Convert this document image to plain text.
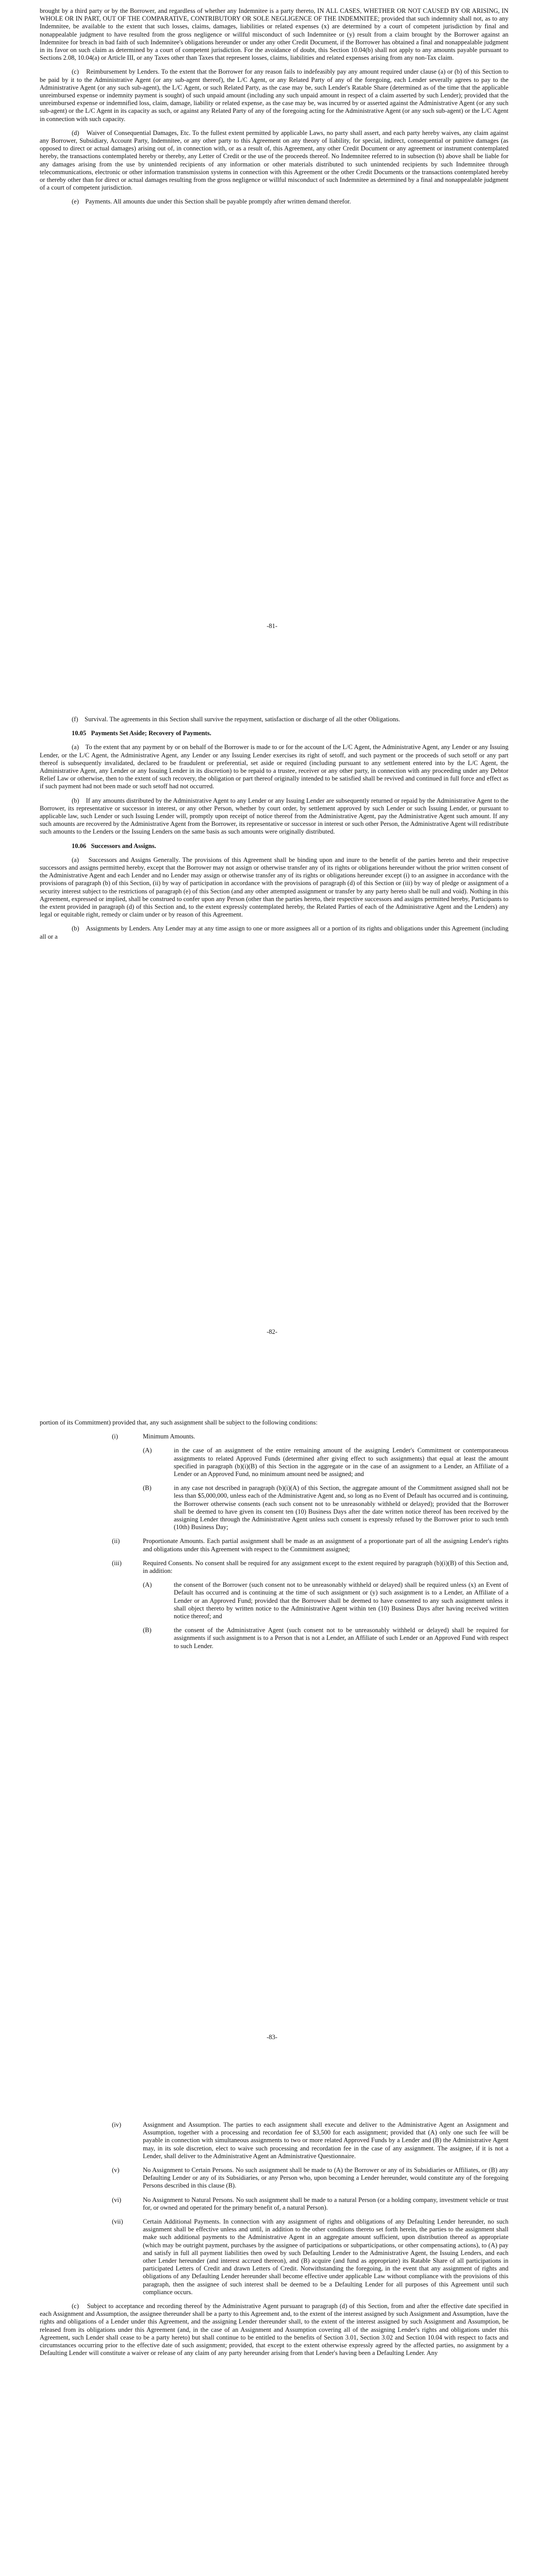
brought by a third party or by the Borrower, and regardless of whether any Indemnitee is a party thereto, IN ALL CASES, WHETHER OR NOT CAUSED BY OR ARISING, IN WHOLE OR IN PART, OUT OF THE COMPARATIVE, CONTRIBUTORY OR SOLE NEGLIGENCE OF THE INDEMNITEE; provided that such indemnity shall not, as to any Indemnitee, be available to the extent that such losses, claims, damages, liabilities or related expenses (x) are determined by a court of competent jurisdiction by final and nonappealable judgment to have resulted from the gross negligence or willful misconduct of such Indemnitee or (y) result from a claim brought by the Borrower against an Indemnitee for breach in bad faith of such Indemnitee's obligations hereunder or under any other Credit Document, if the Borrower has obtained a final and nonappealable judgment in its favor on such claim as determined by a court of competent jurisdiction. For the avoidance of doubt, this Section 10.04(b) shall not apply to any amounts payable pursuant to Sections 2.08, 10.04(a) or Article III, or any Taxes other than Taxes that represent losses, claims, liabilities and related expenses arising from any non-Tax claim.

(c)    Reimbursement by Lenders. To the extent that the Borrower for any reason fails to indefeasibly pay any amount required under clause (a) or (b) of this Section to be paid by it to the Administrative Agent (or any sub-agent thereof), the L/C Agent, or any Related Party of any of the foregoing, each Lender severally agrees to pay to the Administrative Agent (or any such sub-agent), the L/C Agent, or such Related Party, as the case may be, such Lender's Ratable Share (determined as of the time that the applicable unreimbursed expense or indemnity payment is sought) of such unpaid amount (including any such unpaid amount in respect of a claim asserted by such Lender); provided that the unreimbursed expense or indemnified loss, claim, damage, liability or related expense, as the case may be, was incurred by or asserted against the Administrative Agent (or any such sub-agent) or the L/C Agent in its capacity as such, or against any Related Party of any of the foregoing acting for the Administrative Agent (or any such sub-agent) or the L/C Agent in connection with such capacity.

(d)    Waiver of Consequential Damages, Etc. To the fullest extent permitted by applicable Laws, no party shall assert, and each party hereby waives, any claim against any Borrower, Subsidiary, Account Party, Indemnitee, or any other party to this Agreement on any theory of liability, for special, indirect, consequential or punitive damages (as opposed to direct or actual damages) arising out of, in connection with, or as a result of, this Agreement, any other Credit Document or any agreement or instrument contemplated hereby, the transactions contemplated hereby or thereby, any Letter of Credit or the use of the proceeds thereof. No Indemnitee referred to in subsection (b) above shall be liable for any damages arising from the use by unintended recipients of any information or other materials distributed to such unintended recipients by such Indemnitee through telecommunications, electronic or other information transmission systems in connection with this Agreement or the other Credit Documents or the transactions contemplated hereby or thereby other than for direct or actual damages resulting from the gross negligence or willful misconduct of such Indemnitee as determined by a final and nonappealable judgment of a court of competent jurisdiction.

(e)    Payments. All amounts due under this Section shall be payable promptly after written demand therefor.

-81-

(f)    Survival. The agreements in this Section shall survive the repayment, satisfaction or discharge of all the other Obligations.

10.05   Payments Set Aside; Recovery of Payments.

(a)    To the extent that any payment by or on behalf of the Borrower is made to or for the account of the L/C Agent, the Administrative Agent, any Lender or any Issuing Lender, or the L/C Agent, the Administrative Agent, any Lender or any Issuing Lender exercises its right of setoff, and such payment or the proceeds of such setoff or any part thereof is subsequently invalidated, declared to be fraudulent or preferential, set aside or required (including pursuant to any settlement entered into by the L/C Agent, the Administrative Agent, any Lender or any Issuing Lender in its discretion) to be repaid to a trustee, receiver or any other party, in connection with any proceeding under any Debtor Relief Law or otherwise, then to the extent of such recovery, the obligation or part thereof originally intended to be satisfied shall be revived and continued in full force and effect as if such payment had not been made or such setoff had not occurred.

(b)    If any amounts distributed by the Administrative Agent to any Lender or any Issuing Lender are subsequently returned or repaid by the Administrative Agent to the Borrower, its representative or successor in interest, or any other Person, whether by court order, by settlement approved by such Lender or such Issuing Lender, or pursuant to applicable law, such Lender or such Issuing Lender will, promptly upon receipt of notice thereof from the Administrative Agent, pay the Administrative Agent such amount. If any such amounts are recovered by the Administrative Agent from the Borrower, its representative or successor in interest or such other Person, the Administrative Agent will redistribute such amounts to the Lenders or the Issuing Lenders on the same basis as such amounts were originally distributed.

10.06   Successors and Assigns.

(a)    Successors and Assigns Generally. The provisions of this Agreement shall be binding upon and inure to the benefit of the parties hereto and their respective successors and assigns permitted hereby, except that the Borrower may not assign or otherwise transfer any of its rights or obligations hereunder without the prior written consent of the Administrative Agent and each Lender and no Lender may assign or otherwise transfer any of its rights or obligations hereunder except (i) to an assignee in accordance with the provisions of paragraph (b) of this Section, (ii) by way of participation in accordance with the provisions of paragraph (d) of this Section or (iii) by way of pledge or assignment of a security interest subject to the restrictions of paragraph (e) of this Section (and any other attempted assignment or transfer by any party hereto shall be null and void). Nothing in this Agreement, expressed or implied, shall be construed to confer upon any Person (other than the parties hereto, their respective successors and assigns permitted hereby, Participants to the extent provided in paragraph (d) of this Section and, to the extent expressly contemplated hereby, the Related Parties of each of the Administrative Agent and the Lenders) any legal or equitable right, remedy or claim under or by reason of this Agreement.

(b)    Assignments by Lenders. Any Lender may at any time assign to one or more assignees all or a portion of its rights and obligations under this Agreement (including all or a

-82-

portion of its Commitment) provided that, any such assignment shall be subject to the following conditions:

(i)	Minimum Amounts.
(A)	in the case of an assignment of the entire remaining amount of the assigning Lender's Commitment or contemporaneous assignments to related Approved Funds (determined after giving effect to such assignments) that equal at least the amount specified in paragraph (b)(i)(B) of this Section in the aggregate or in the case of an assignment to a Lender, an Affiliate of a Lender or an Approved Fund, no minimum amount need be assigned; and
(B)	in any case not described in paragraph (b)(i)(A) of this Section, the aggregate amount of the Commitment assigned shall not be less than $5,000,000, unless each of the Administrative Agent and, so long as no Event of Default has occurred and is continuing, the Borrower otherwise consents (each such consent not to be unreasonably withheld or delayed); provided that the Borrower shall be deemed to have given its consent ten (10) Business Days after the date written notice thereof has been received by the assigning Lender through the Administrative Agent unless such consent is expressly refused by the Borrower prior to such tenth (10th) Business Day;
(ii)	Proportionate Amounts. Each partial assignment shall be made as an assignment of a proportionate part of all the assigning Lender's rights and obligations under this Agreement with respect to the Commitment assigned;
(iii)	Required Consents. No consent shall be required for any assignment except to the extent required by paragraph (b)(i)(B) of this Section and, in addition:
(A)	the consent of the Borrower (such consent not to be unreasonably withheld or delayed) shall be required unless (x) an Event of Default has occurred and is continuing at the time of such assignment or (y) such assignment is to a Lender, an Affiliate of a Lender or an Approved Fund; provided that the Borrower shall be deemed to have consented to any such assignment unless it shall object thereto by written notice to the Administrative Agent within ten (10) Business Days after having received written notice thereof; and
(B)	the consent of the Administrative Agent (such consent not to be unreasonably withheld or delayed) shall be required for assignments if such assignment is to a Person that is not a Lender, an Affiliate of such Lender or an Approved Fund with respect to such Lender.
-83-
(iv)	Assignment and Assumption. The parties to each assignment shall execute and deliver to the Administrative Agent an Assignment and Assumption, together with a processing and recordation fee of $3,500 for each assignment; provided that (A) only one such fee will be payable in connection with simultaneous assignments to two or more related Approved Funds by a Lender and (B) the Administrative Agent may, in its sole discretion, elect to waive such processing and recordation fee in the case of any assignment. The assignee, if it is not a Lender, shall deliver to the Administrative Agent an Administrative Questionnaire.
(v)	No Assignment to Certain Persons. No such assignment shall be made to (A) the Borrower or any of its Subsidiaries or Affiliates, or (B) any Defaulting Lender or any of its Subsidiaries, or any Person who, upon becoming a Lender hereunder, would constitute any of the foregoing Persons described in this clause (B).
(vi)	No Assignment to Natural Persons. No such assignment shall be made to a natural Person (or a holding company, investment vehicle or trust for, or owned and operated for the primary benefit of, a natural Person).
(vii)	Certain Additional Payments. In connection with any assignment of rights and obligations of any Defaulting Lender hereunder, no such assignment shall be effective unless and until, in addition to the other conditions thereto set forth herein, the parties to the assignment shall make such additional payments to the Administrative Agent in an aggregate amount sufficient, upon distribution thereof as appropriate (which may be outright payment, purchases by the assignee of participations or subparticipations, or other compensating actions), to (A) pay and satisfy in full all payment liabilities then owed by such Defaulting Lender to the Administrative Agent, the Issuing Lenders, and each other Lender hereunder (and interest accrued thereon), and (B) acquire (and fund as appropriate) its Ratable Share of all participations in participated Letters of Credit and drawn Letters of Credit. Notwithstanding the foregoing, in the event that any assignment of rights and obligations of any Defaulting Lender hereunder shall become effective under applicable Law without compliance with the provisions of this paragraph, then the assignee of such interest shall be deemed to be a Defaulting Lender for all purposes of this Agreement until such compliance occurs.

(c)    Subject to acceptance and recording thereof by the Administrative Agent pursuant to paragraph (d) of this Section, from and after the effective date specified in each Assignment and Assumption, the assignee thereunder shall be a party to this Agreement and, to the extent of the interest assigned by such Assignment and Assumption, have the rights and obligations of a Lender under this Agreement, and the assigning Lender thereunder shall, to the extent of the interest assigned by such Assignment and Assumption, be released from its obligations under this Agreement (and, in the case of an Assignment and Assumption covering all of the assigning Lender's rights and obligations under this Agreement, such Lender shall cease to be a party hereto) but shall continue to be entitled to the benefits of Section 3.01, Section 3.02 and Section 10.04 with respect to facts and circumstances occurring prior to the effective date of such assignment; provided, that except to the extent otherwise expressly agreed by the affected parties, no assignment by a Defaulting Lender will constitute a waiver or release of any claim of any party hereunder arising from that Lender's having been a Defaulting Lender. Any
